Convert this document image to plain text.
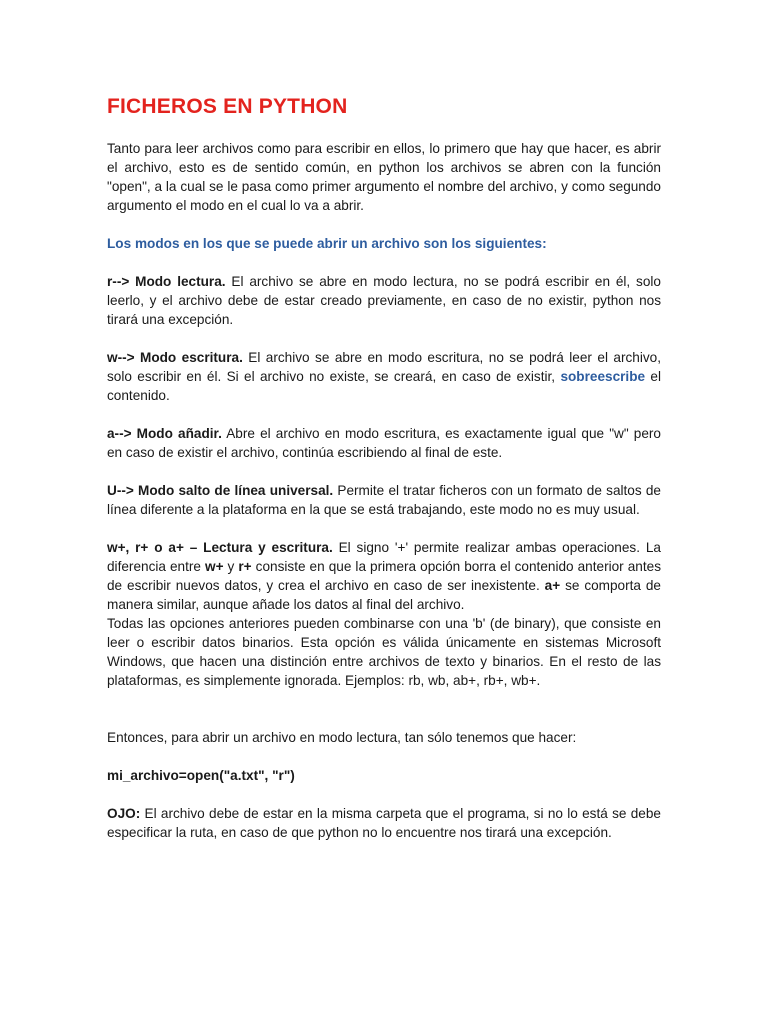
FICHEROS EN PYTHON

Tanto para leer archivos como para escribir en ellos, lo primero que hay que hacer, es abrir el archivo, esto es de sentido común, en python los archivos se abren con la función "open", a la cual se le pasa como primer argumento el nombre del archivo, y como segundo argumento el modo en el cual lo va a abrir.

Los modos en los que se puede abrir un archivo son los siguientes:

r--> Modo lectura. El archivo se abre en modo lectura, no se podrá escribir en él, solo leerlo, y el archivo debe de estar creado previamente, en caso de no existir, python nos tirará una excepción.

w--> Modo escritura. El archivo se abre en modo escritura, no se podrá leer el archivo, solo escribir en él. Si el archivo no existe, se creará, en caso de existir, sobreescribe el contenido.

a--> Modo añadir. Abre el archivo en modo escritura, es exactamente igual que "w" pero en caso de existir el archivo, continúa escribiendo al final de este.

U--> Modo salto de línea universal. Permite el tratar ficheros con un formato de saltos de línea diferente a la plataforma en la que se está trabajando, este modo no es muy usual.

w+, r+ o a+ – Lectura y escritura. El signo '+' permite realizar ambas operaciones. La diferencia entre w+ y r+ consiste en que la primera opción borra el contenido anterior antes de escribir nuevos datos, y crea el archivo en caso de ser inexistente. a+ se comporta de manera similar, aunque añade los datos al final del archivo.

Todas las opciones anteriores pueden combinarse con una 'b' (de binary), que consiste en leer o escribir datos binarios. Esta opción es válida únicamente en sistemas Microsoft Windows, que hacen una distinción entre archivos de texto y binarios. En el resto de las plataformas, es simplemente ignorada. Ejemplos: rb, wb, ab+, rb+, wb+.

Entonces, para abrir un archivo en modo lectura, tan sólo tenemos que hacer:

mi_archivo=open("a.txt", "r")

OJO: El archivo debe de estar en la misma carpeta que el programa, si no lo está se debe especificar la ruta, en caso de que python no lo encuentre nos tirará una excepción.
